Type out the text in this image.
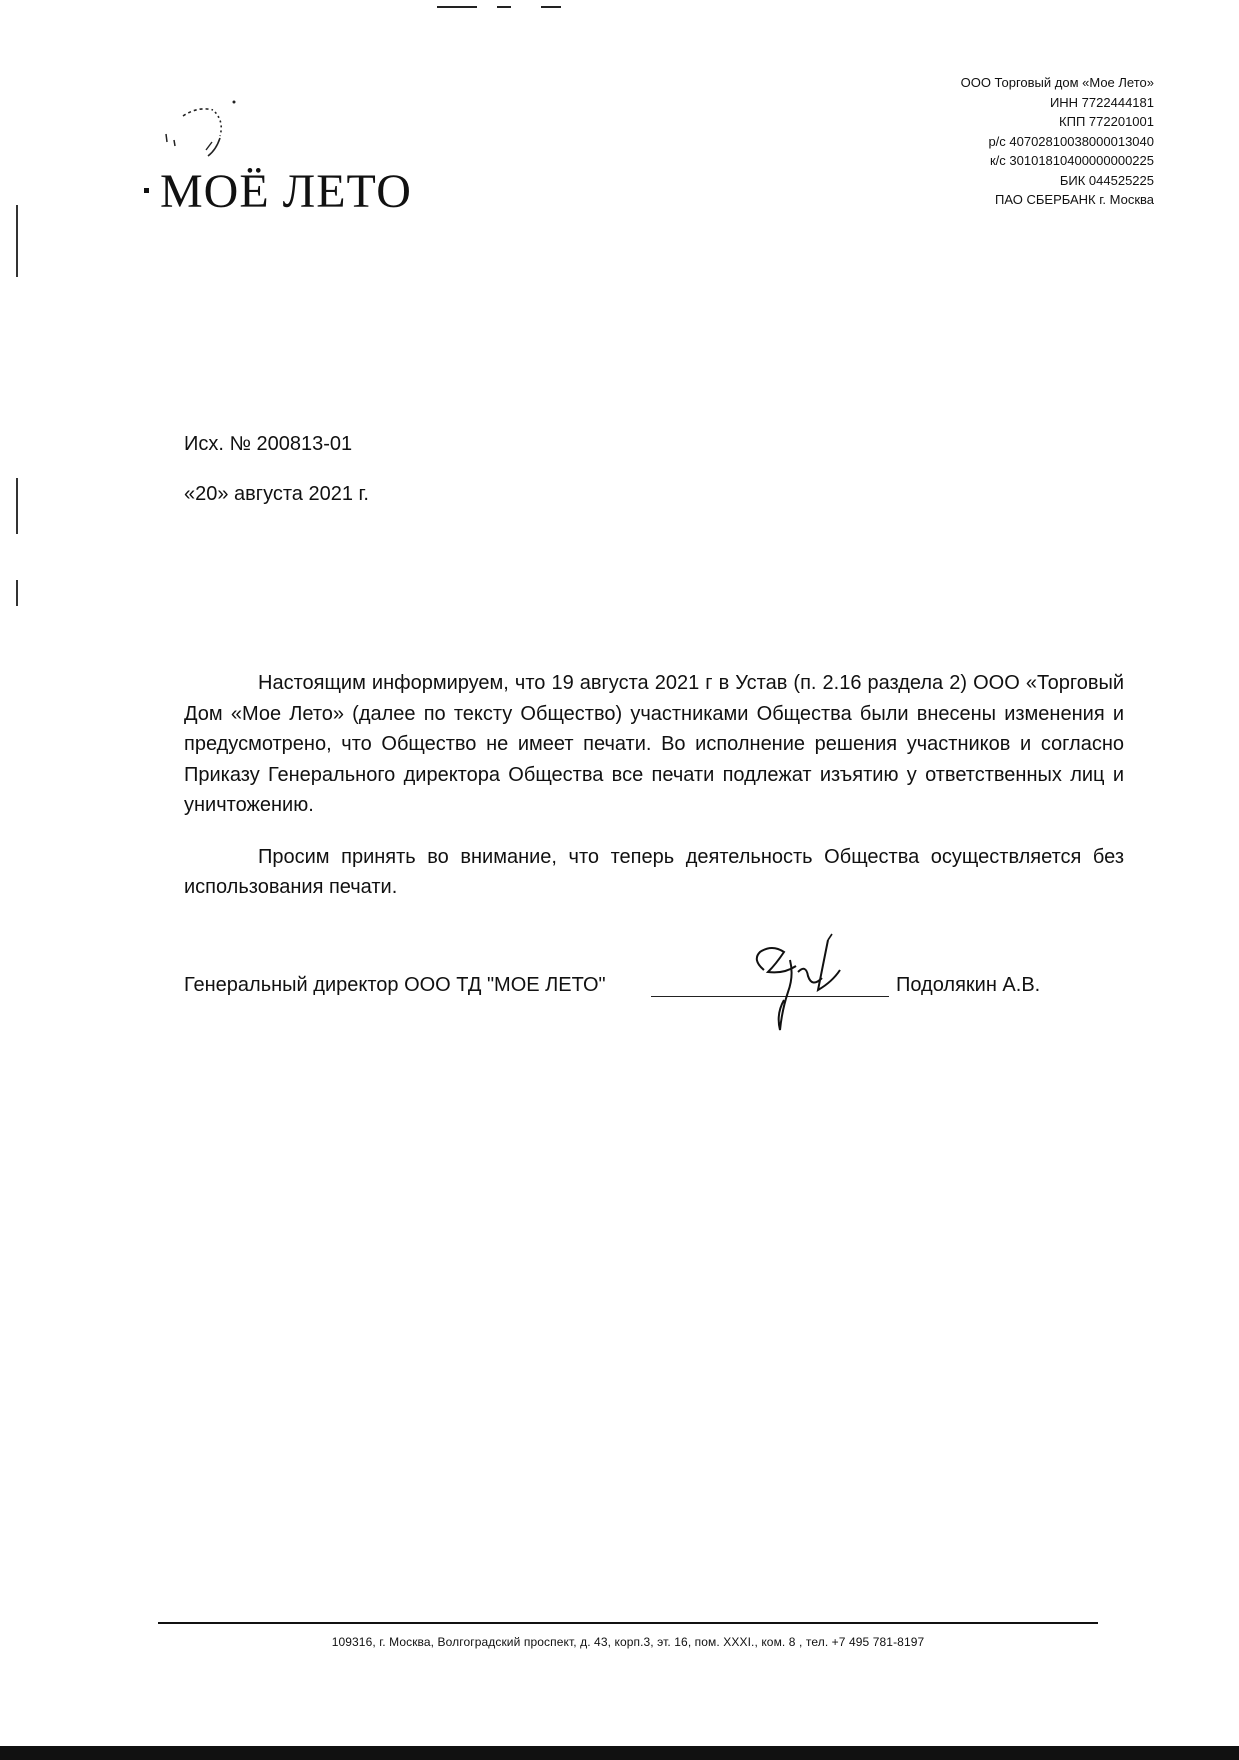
МОЁ ЛЕТО
ООО Торговый дом «Мое Лето»
ИНН 7722444181
КПП 772201001
р/с 40702810038000013040
к/с 30101810400000000225
БИК 044525225
ПАО СБЕРБАНК г. Москва
Исх. № 200813-01
«20» августа 2021 г.

Настоящим информируем, что 19 августа 2021 г в Устав (п. 2.16 раздела 2) ООО «Торговый Дом «Мое Лето» (далее по тексту Общество) участниками Общества были внесены изменения и предусмотрено, что Общество не имеет печати. Во исполнение решения участников и согласно Приказу Генерального директора Общества все печати подлежат изъятию у ответственных лиц и уничтожению.

Просим принять во внимание, что теперь деятельность Общества осуществляется без использования печати.

Генеральный директор ООО ТД "МОЕ ЛЕТО"	Подолякин А.В.
109316, г. Москва, Волгоградский проспект, д. 43, корп.3, эт. 16, пом. XXXI., ком. 8 , тел. +7 495 781-8197
